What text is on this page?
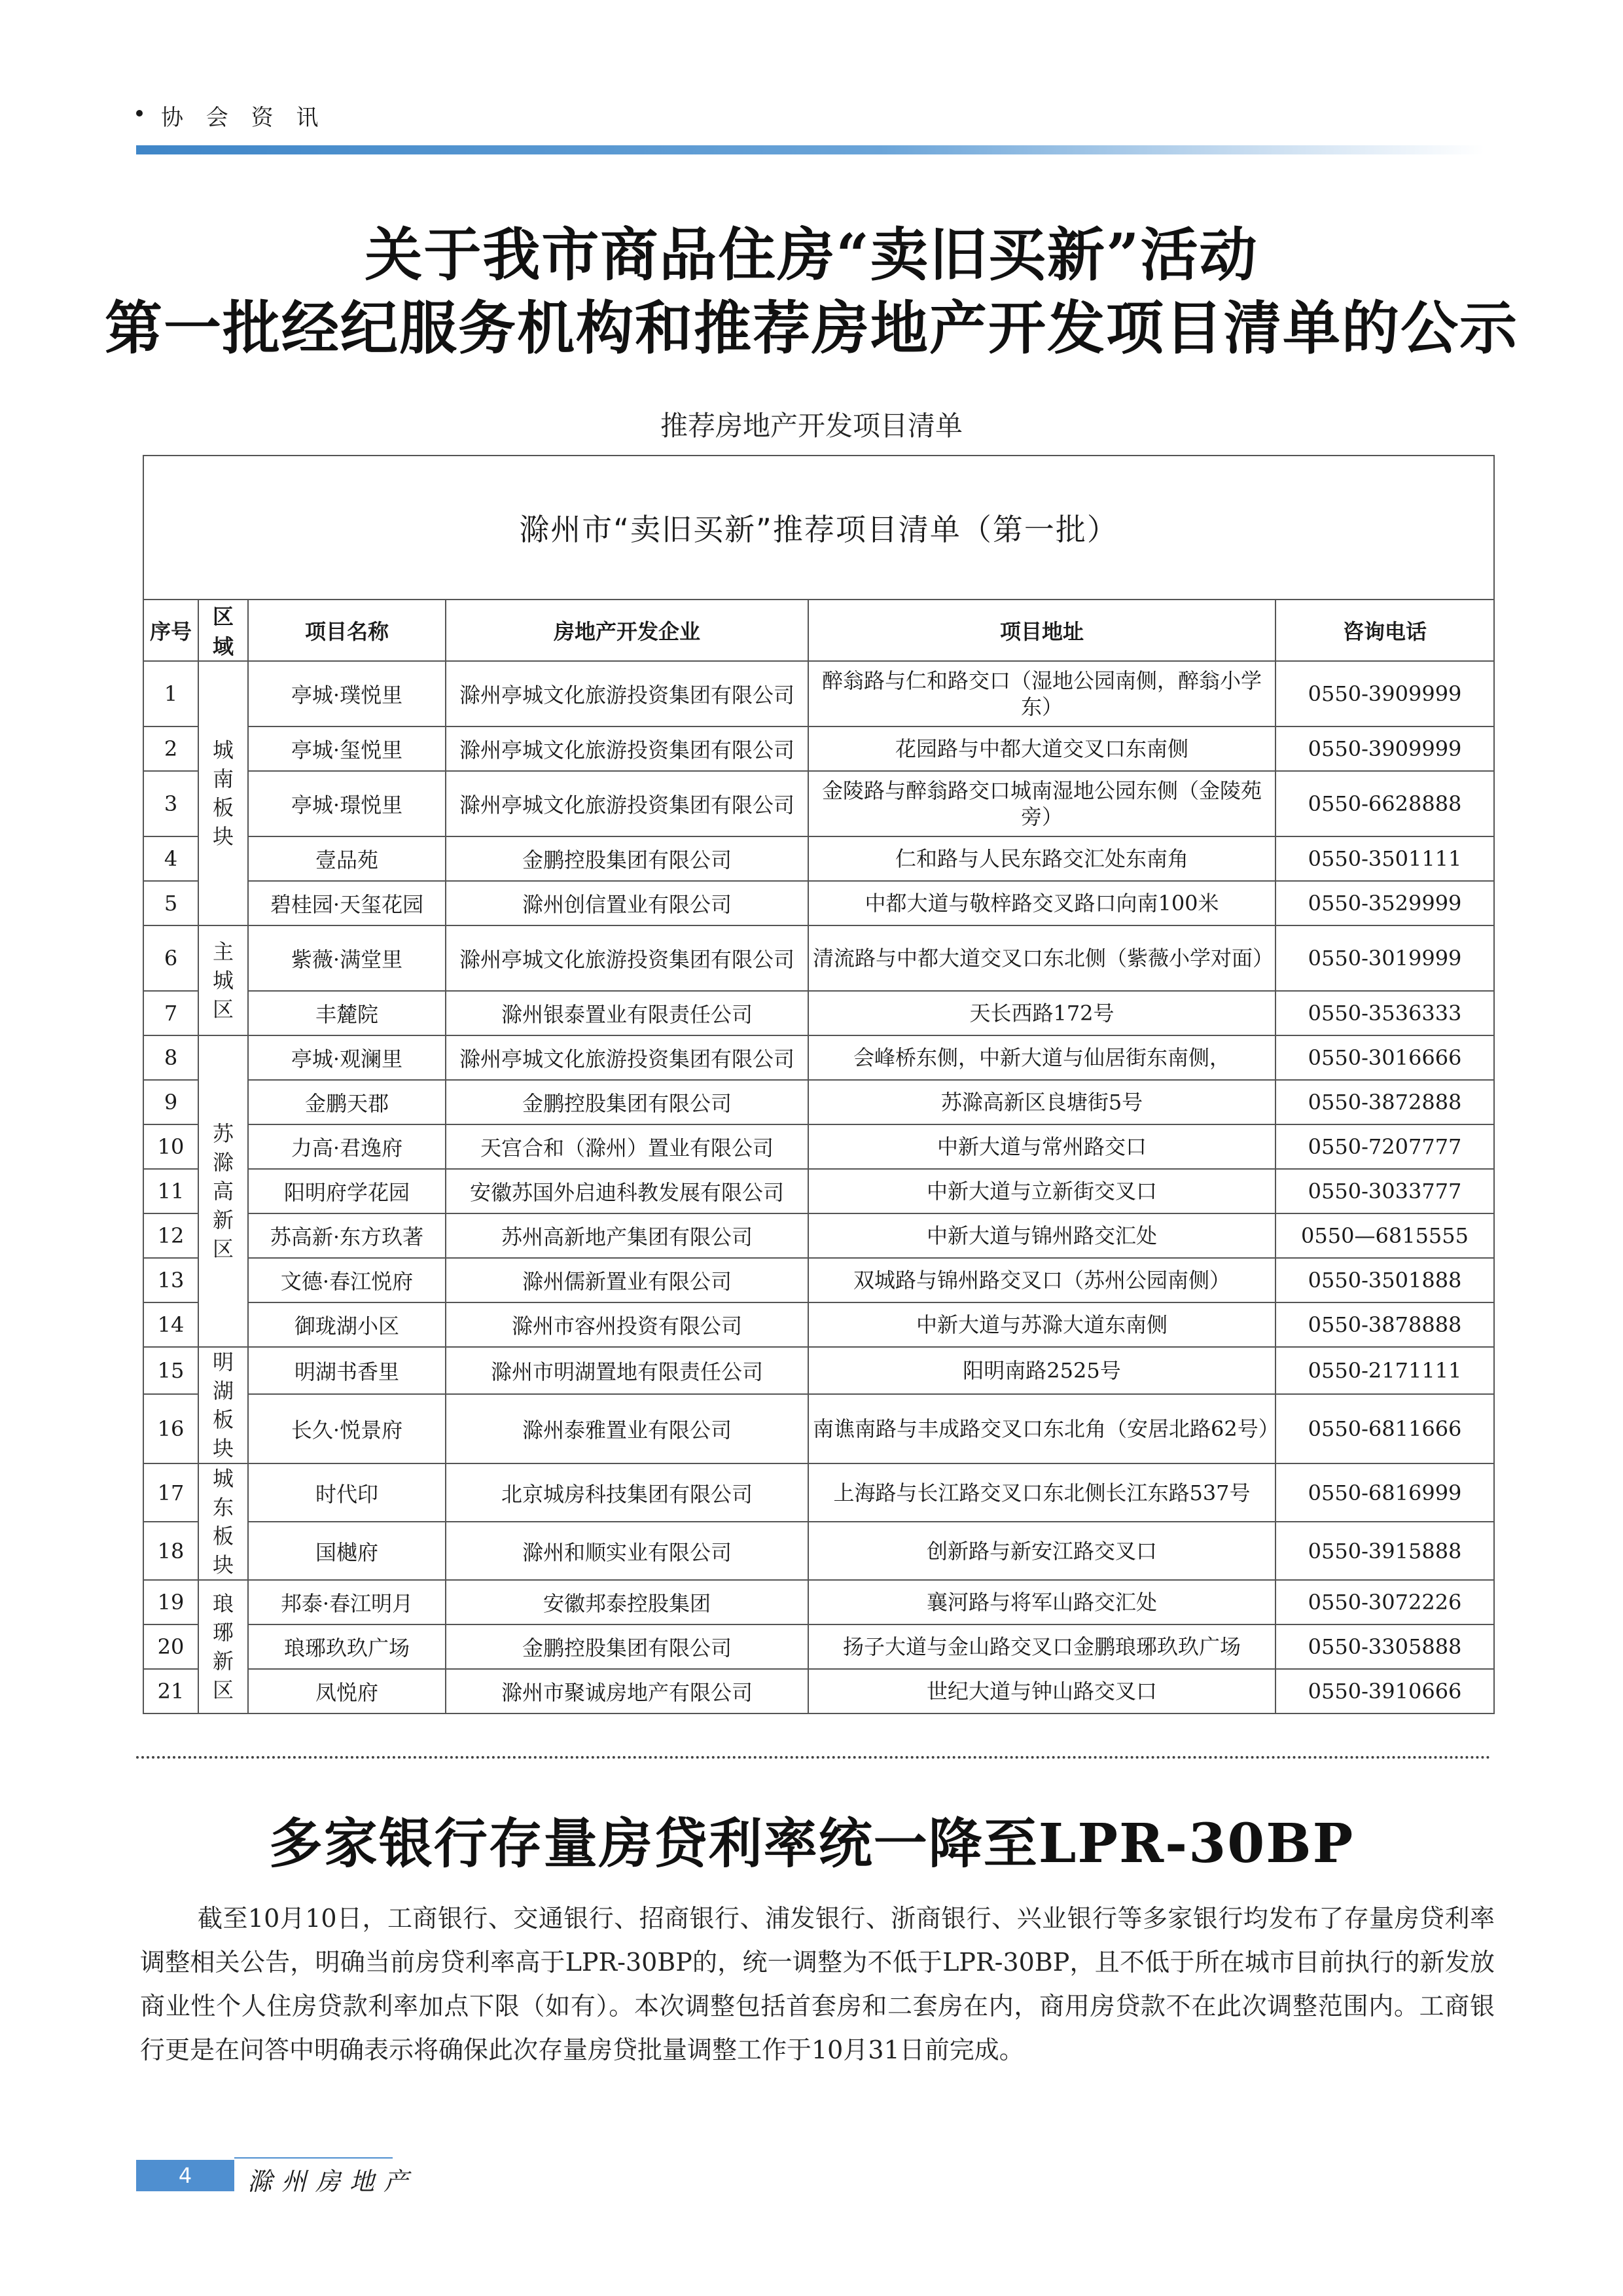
协 会 资 讯
关于我市商品住房“卖旧买新”活动
第一批经纪服务机构和推荐房地产开发项目清单的公示
推荐房地产开发项目清单
滁州市“卖旧买新”推荐项目清单（第一批）					
序号	区域	项目名称	房地产开发企业	项目地址	咨询电话
1	城南板块	亭城·璞悦里	滁州亭城文化旅游投资集团有限公司	醉翁路与仁和路交口（湿地公园南侧，醉翁小学东）	0550-3909999
2		亭城·玺悦里	滁州亭城文化旅游投资集团有限公司	花园路与中都大道交叉口东南侧	0550-3909999
3		亭城·璟悦里	滁州亭城文化旅游投资集团有限公司	金陵路与醉翁路交口城南湿地公园东侧（金陵苑旁）	0550-6628888
4		壹品苑	金鹏控股集团有限公司	仁和路与人民东路交汇处东南角	0550-3501111
5		碧桂园·天玺花园	滁州创信置业有限公司	中都大道与敬梓路交叉路口向南100米	0550-3529999
6	主城区	紫薇·满堂里	滁州亭城文化旅游投资集团有限公司	清流路与中都大道交叉口东北侧（紫薇小学对面）	0550-3019999
7		丰麓院	滁州银泰置业有限责任公司	天长西路172号	0550-3536333
8	苏滁高新区	亭城·观澜里	滁州亭城文化旅游投资集团有限公司	会峰桥东侧，中新大道与仙居街东南侧，	0550-3016666
9		金鹏天郡	金鹏控股集团有限公司	苏滁高新区良塘街5号	0550-3872888
10		力高·君逸府	天宫合和（滁州）置业有限公司	中新大道与常州路交口	0550-7207777
11		阳明府学花园	安徽苏国外启迪科教发展有限公司	中新大道与立新街交叉口	0550-3033777
12		苏高新·东方玖著	苏州高新地产集团有限公司	中新大道与锦州路交汇处	0550—6815555
13		文德·春江悦府	滁州儒新置业有限公司	双城路与锦州路交叉口（苏州公园南侧）	0550-3501888
14		御珑湖小区	滁州市容州投资有限公司	中新大道与苏滁大道东南侧	0550-3878888
15	明湖板块	明湖书香里	滁州市明湖置地有限责任公司	阳明南路2525号	0550-2171111
16		长久·悦景府	滁州泰雅置业有限公司	南谯南路与丰成路交叉口东北角（安居北路62号）	0550-6811666
17	城东板块	时代印	北京城房科技集团有限公司	上海路与长江路交叉口东北侧长江东路537号	0550-6816999
18		国樾府	滁州和顺实业有限公司	创新路与新安江路交叉口	0550-3915888
19	琅琊新区	邦泰·春江明月	安徽邦泰控股集团	襄河路与将军山路交汇处	0550-3072226
20		琅琊玖玖广场	金鹏控股集团有限公司	扬子大道与金山路交叉口金鹏琅琊玖玖广场	0550-3305888
21		凤悦府	滁州市聚诚房地产有限公司	世纪大道与钟山路交叉口	0550-3910666
多家银行存量房贷利率统一降至LPR-30BP
截至10月10日，工商银行、交通银行、招商银行、浦发银行、浙商银行、兴业银行等多家银行均发布了存量房贷利率调整相关公告，明确当前房贷利率高于LPR-30BP的，统一调整为不低于LPR-30BP，且不低于所在城市目前执行的新发放商业性个人住房贷款利率加点下限（如有）。本次调整包括首套房和二套房在内，商用房贷款不在此次调整范围内。工商银行更是在问答中明确表示将确保此次存量房贷批量调整工作于10月31日前完成。
4	滁州房地产
